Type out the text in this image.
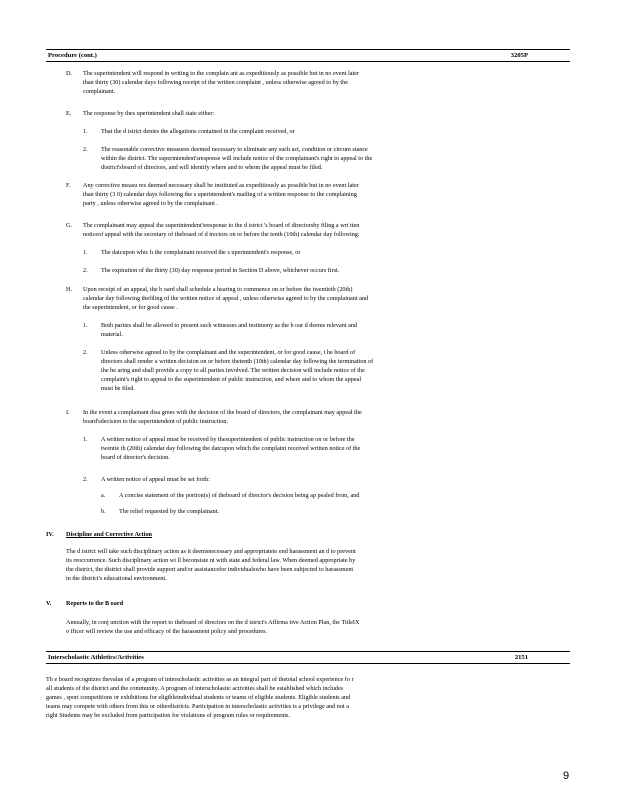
Procedure (cont.)	3205P
D. The superintendent will respond in writing to the complain ant as expeditiously as possible but in no event later
than thirty (30) calendar days following receipt of the written complaint , unless otherwise agreed to by the
complainant.
E. The response by thes uperintendent shall state either:
1. That the d istrict denies the allegations contained in the complaint received, or
2. The reasonable corrective measures deemed necessary to eliminate any such act, condition or circum stance
within the district. The superintendent'sresponse will include notice of the complainant's right to appeal to the
district'sboard of directors, and will identify where and to whom the appeal must be filed.
F. Any corrective measu res deemed necessary shall be instituted as expeditiously as possible but in no event later
than thirty (3 0) calendar days following the s uperintendent's mailing of a written response to the complaining
party , unless otherwise agreed to by the complainant .
G. The complainant may appeal the superintendent'sresponse to the d istrict 's board of directorsby filing a wri tten
noticeof appeal with the secretary of theboard of d irectors on or before the tenth (10th) calendar day following:
1. The datcupon whic h the complainant received the s uperintendent's response, or
2. The expiration of the thirty (30) day response period in Section D above, whichever occurs first.
H. Upon receipt of an appeal, the b oard shall schedule a hearing to commence on or before the twentieth (20th)
calendar day following thefiling of the written notice of appeal , unless otherwise agreed to by the complainant and
the superintendent, or for good cause .
1. Both parties shall be allowed to present such witnesses and testimony as the b oar d deems relevant and
material.
2. Unless otherwise agreed to by the complainant and the superintendent, or for good cause, t he board of
directors shall render a written decision on or before thetenth (10th) calendar day following the termination of
the he aring and shall provide a copy to all parties involved. The written decision will include notice of the
complaint's right to appeal to the superintendent of public instruction, and where and to whom the appeal
must be filed.
I. In the event a complainant disa grees with the decision of the board of directors, the complainant may appeal the
board'sdecision to the superintendent of public instruction.
1. A written notice of appeal must be received by thesuperintendent of public instruction on or before the
twentie th (20th) calendar day following the datcupon which the complaint received written notice of the
board of director's decision.
2. A written notice of appeal must be set forth:
a. A concise statement of the portion(s) of theboard of director's decision being ap pealed from, and
b. The relief requested by the complainant.
IV. Discipline and Corrective Action
The d istrict will take such disciplinary action as it deemsnecessary and appropriateto end harassment an d to prevent
its reoccurrence. Such disciplinary action wi ll beconsiste nt with state and federal law. When deemed appropriate by
the district, the district shall provide support and/or assistancefor individualswho have been subjected to harassment
in the district's educational environment.
V. Reports to the B oard
Annually, in conj unction with the report to theboard of directors on the d istrict's Affirma tive Action Plan, the TitleIX
o fficer will review the use and efficacy of the harassment policy and procedures.
Th e board recognizes thevalue of a program of interscholastic activities as an integral part of thetotal school experience fo r
all students of the district and the community. A program of interscholastic activities shall be established which includes
games , sport competitions or exhibitions for eligibleindividual students or teams of eligible students. Eligible students and
teams may compete with others from this or otherdistricts. Participation in interscholastic activities is a privilege and not a
right Students may be excluded from participation for violations of program rules or requirements.
Interscholastic Athletics/Activities	2151
9
